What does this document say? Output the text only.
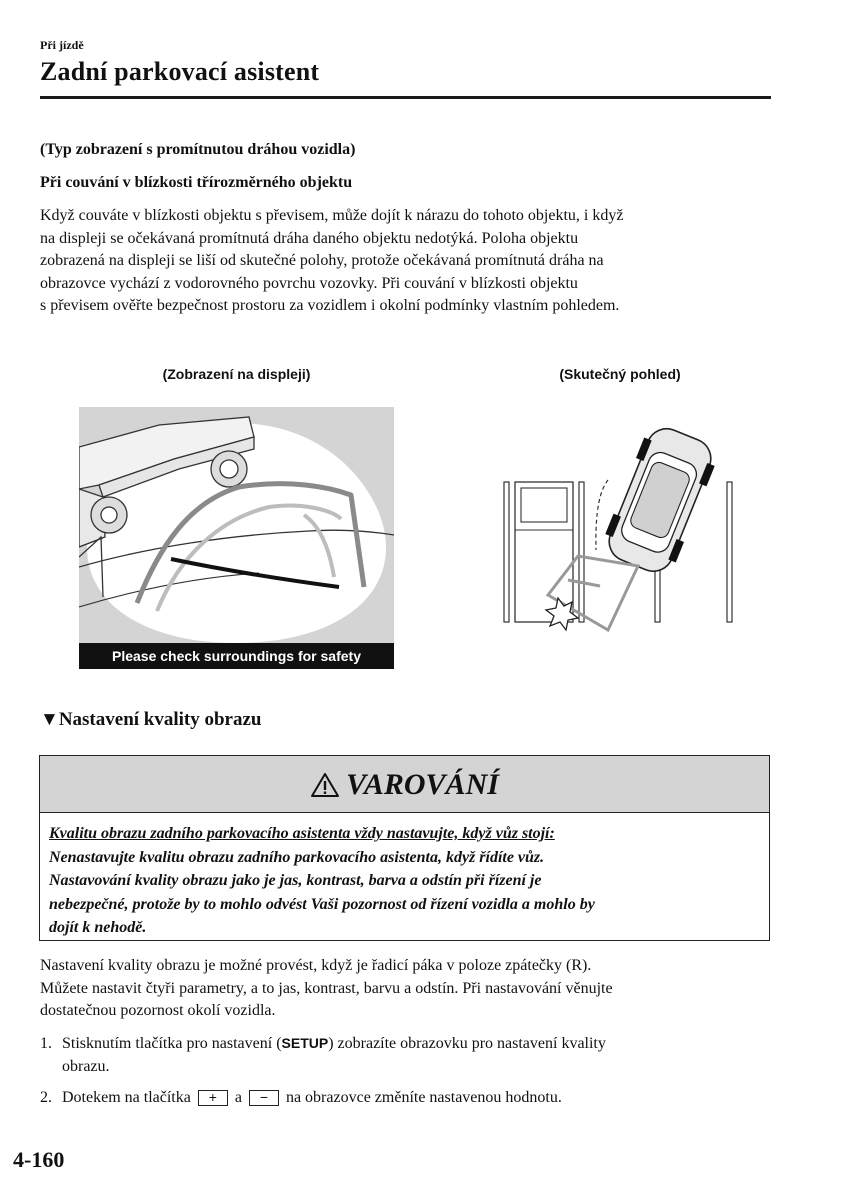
Při jízdě
Zadní parkovací asistent
(Typ zobrazení s promítnutou dráhou vozidla)
Při couvání v blízkosti třírozměrného objektu
Když couváte v blízkosti objektu s převisem, může dojít k nárazu do tohoto objektu, i když
na displeji se očekávaná promítnutá dráha daného objektu nedotýká. Poloha objektu
zobrazená na displeji se liší od skutečné polohy, protože očekávaná promítnutá dráha na
obrazovce vychází z vodorovného povrchu vozovky. Při couvání v blízkosti objektu
s převisem ověřte bezpečnost prostoru za vozidlem i okolní podmínky vlastním pohledem.
(Zobrazení na displeji)	(Skutečný pohled)
Please check surroundings for safety
▼Nastavení kvality obrazu
VAROVÁNÍ
Kvalitu obrazu zadního parkovacího asistenta vždy nastavujte, když vůz stojí:
Nenastavujte kvalitu obrazu zadního parkovacího asistenta, když řídíte vůz.
Nastavování kvality obrazu jako je jas, kontrast, barva a odstín při řízení je
nebezpečné, protože by to mohlo odvést Vaši pozornost od řízení vozidla a mohlo by
dojít k nehodě.
Nastavení kvality obrazu je možné provést, když je řadicí páka v poloze zpátečky (R).
Můžete nastavit čtyři parametry, a to jas, kontrast, barvu a odstín. Při nastavování věnujte
dostatečnou pozornost okolí vozidla.
1. Stisknutím tlačítka pro nastavení (SETUP) zobrazíte obrazovku pro nastavení kvality
obrazu.
2. Dotekem na tlačítka + a − na obrazovce změníte nastavenou hodnotu.
4-160
